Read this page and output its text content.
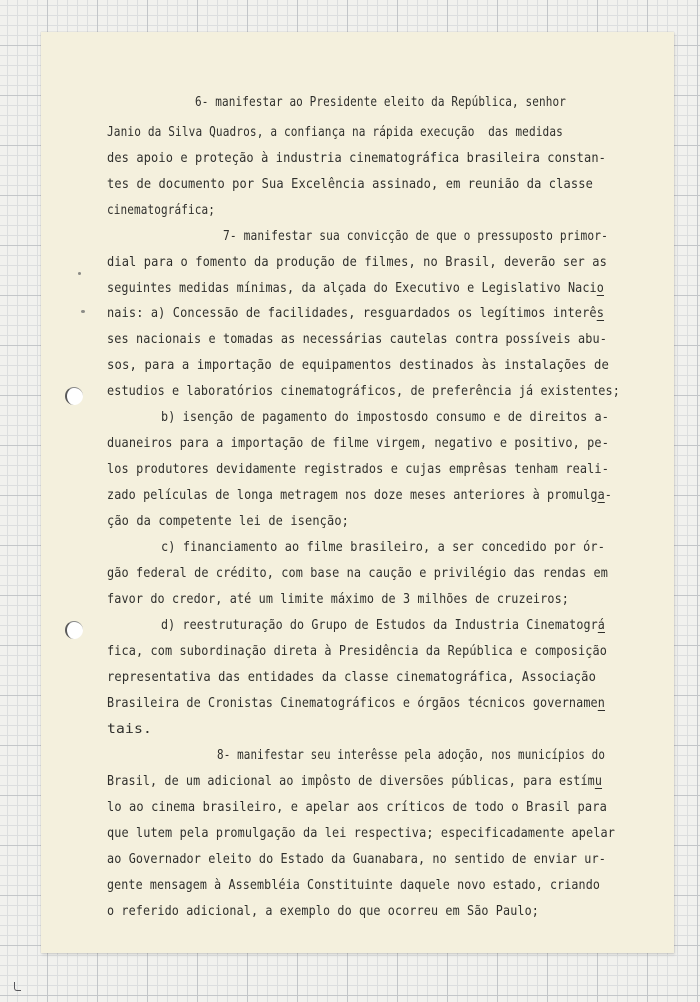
6- manifestar ao Presidente eleito da República, senhor
Janio da Silva Quadros, a confiança na rápida execução  das medidas
des apoio e proteção à industria cinematográfica brasileira constan-
tes de documento por Sua Excelência assinado, em reunião da classe
cinematográfica;
7- manifestar sua convicção de que o pressuposto primor-
dial para o fomento da produção de filmes, no Brasil, deverão ser as
seguintes medidas mínimas, da alçada do Executivo e Legislativo Nacio
nais: a) Concessão de facilidades, resguardados os legítimos interês
ses nacionais e tomadas as necessárias cautelas contra possíveis abu-
sos, para a importação de equipamentos destinados às instalações de
estudios e laboratórios cinematográficos, de preferência já existentes;
b) isenção de pagamento do impostosdo consumo e de direitos a-
duaneiros para a importação de filme virgem, negativo e positivo, pe-
los produtores devidamente registrados e cujas emprêsas tenham reali-
zado películas de longa metragem nos doze meses anteriores à promulga-
ção da competente lei de isenção;
c) financiamento ao filme brasileiro, a ser concedido por ór-
gão federal de crédito, com base na caução e privilégio das rendas em
favor do credor, até um limite máximo de 3 milhões de cruzeiros;
d) reestruturação do Grupo de Estudos da Industria Cinematográ
fica, com subordinação direta à Presidência da República e composição
representativa das entidades da classe cinematográfica, Associação
Brasileira de Cronistas Cinematográficos e órgãos técnicos governamen
tais.
8- manifestar seu interêsse pela adoção, nos municípios do
Brasil, de um adicional ao impôsto de diversões públicas, para estímu
lo ao cinema brasileiro, e apelar aos críticos de todo o Brasil para
que lutem pela promulgação da lei respectiva; especificadamente apelar
ao Governador eleito do Estado da Guanabara, no sentido de enviar ur-
gente mensagem à Assembléia Constituinte daquele novo estado, criando
o referido adicional, a exemplo do que ocorreu em São Paulo;
